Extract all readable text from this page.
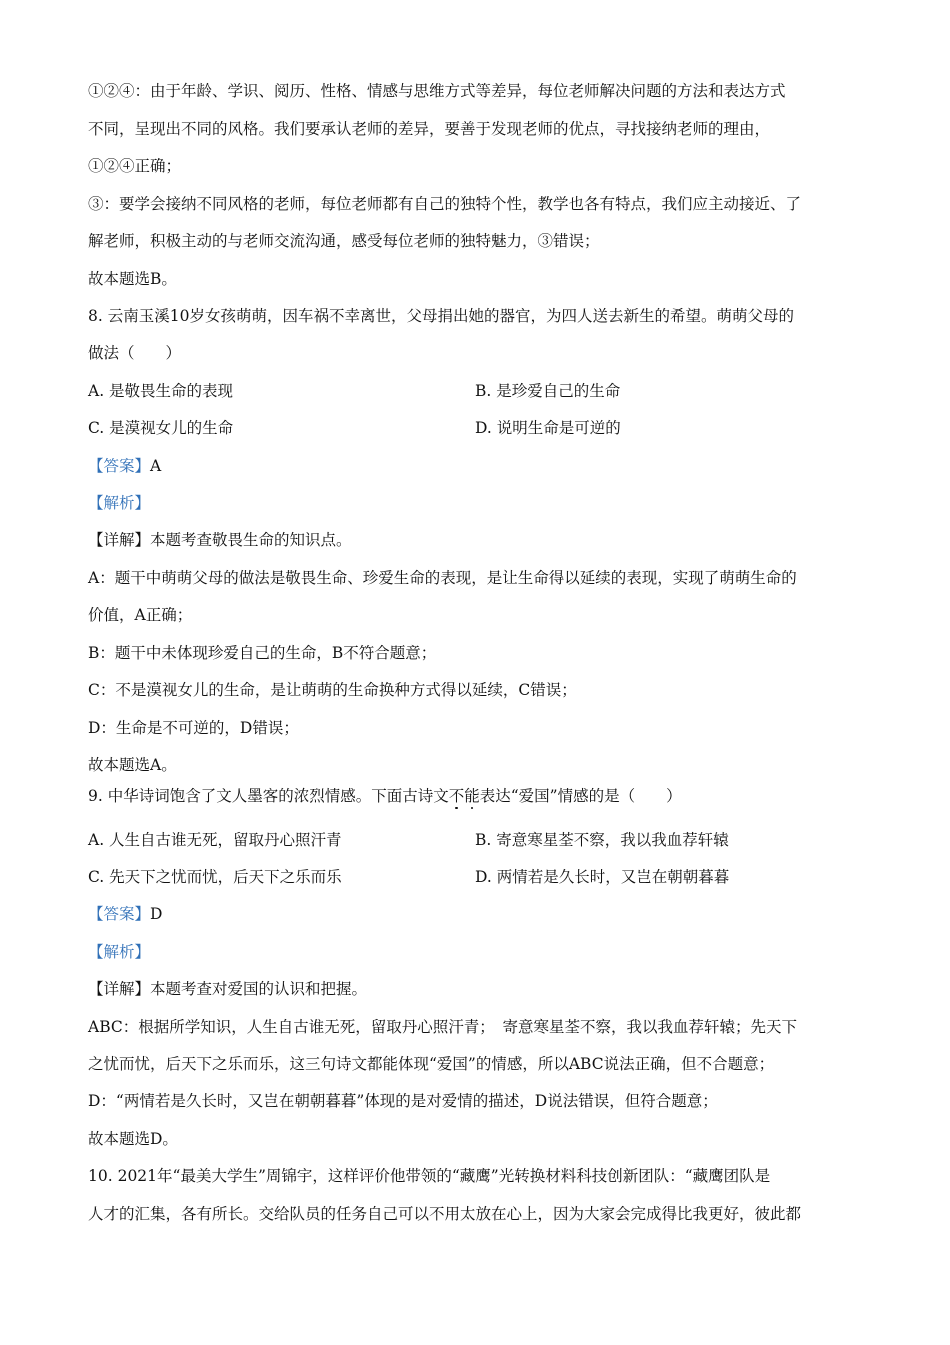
①②④：由于年龄、学识、阅历、性格、情感与思维方式等差异，每位老师解决问题的方法和表达方式
不同，呈现出不同的风格。我们要承认老师的差异，要善于发现老师的优点，寻找接纳老师的理由，
①②④正确；
③：要学会接纳不同风格的老师，每位老师都有自己的独特个性，教学也各有特点，我们应主动接近、了
解老师，积极主动的与老师交流沟通，感受每位老师的独特魅力，③错误；
故本题选B。
8. 云南玉溪10岁女孩萌萌，因车祸不幸离世，父母捐出她的器官，为四人送去新生的希望。萌萌父母的
做法（　　）
A. 是敬畏生命的表现	B. 是珍爱自己的生命
C. 是漠视女儿的生命	D. 说明生命是可逆的
【答案】A
【解析】
【详解】本题考查敬畏生命的知识点。
A：题干中萌萌父母的做法是敬畏生命、珍爱生命的表现，是让生命得以延续的表现，实现了萌萌生命的
价值，A正确；
B：题干中未体现珍爱自己的生命，B不符合题意；
C：不是漠视女儿的生命，是让萌萌的生命换种方式得以延续，C错误；
D：生命是不可逆的，D错误；
故本题选A。
9. 中华诗词饱含了文人墨客的浓烈情感。下面古诗文不能表达“爱国”情感的是（　　）
A. 人生自古谁无死，留取丹心照汗青	B. 寄意寒星荃不察，我以我血荐轩辕
C. 先天下之忧而忧，后天下之乐而乐	D. 两情若是久长时，又岂在朝朝暮暮
【答案】D
【解析】
【详解】本题考查对爱国的认识和把握。
ABC：根据所学知识，人生自古谁无死，留取丹心照汗青；　寄意寒星荃不察，我以我血荐轩辕；先天下
之忧而忧，后天下之乐而乐，这三句诗文都能体现“爱国”的情感，所以ABC说法正确，但不合题意；
D：“两情若是久长时，又岂在朝朝暮暮”体现的是对爱情的描述，D说法错误，但符合题意；
故本题选D。
10. 2021年“最美大学生”周锦宇，这样评价他带领的“藏鹰”光转换材料科技创新团队：“藏鹰团队是
人才的汇集，各有所长。交给队员的任务自己可以不用太放在心上，因为大家会完成得比我更好，彼此都
